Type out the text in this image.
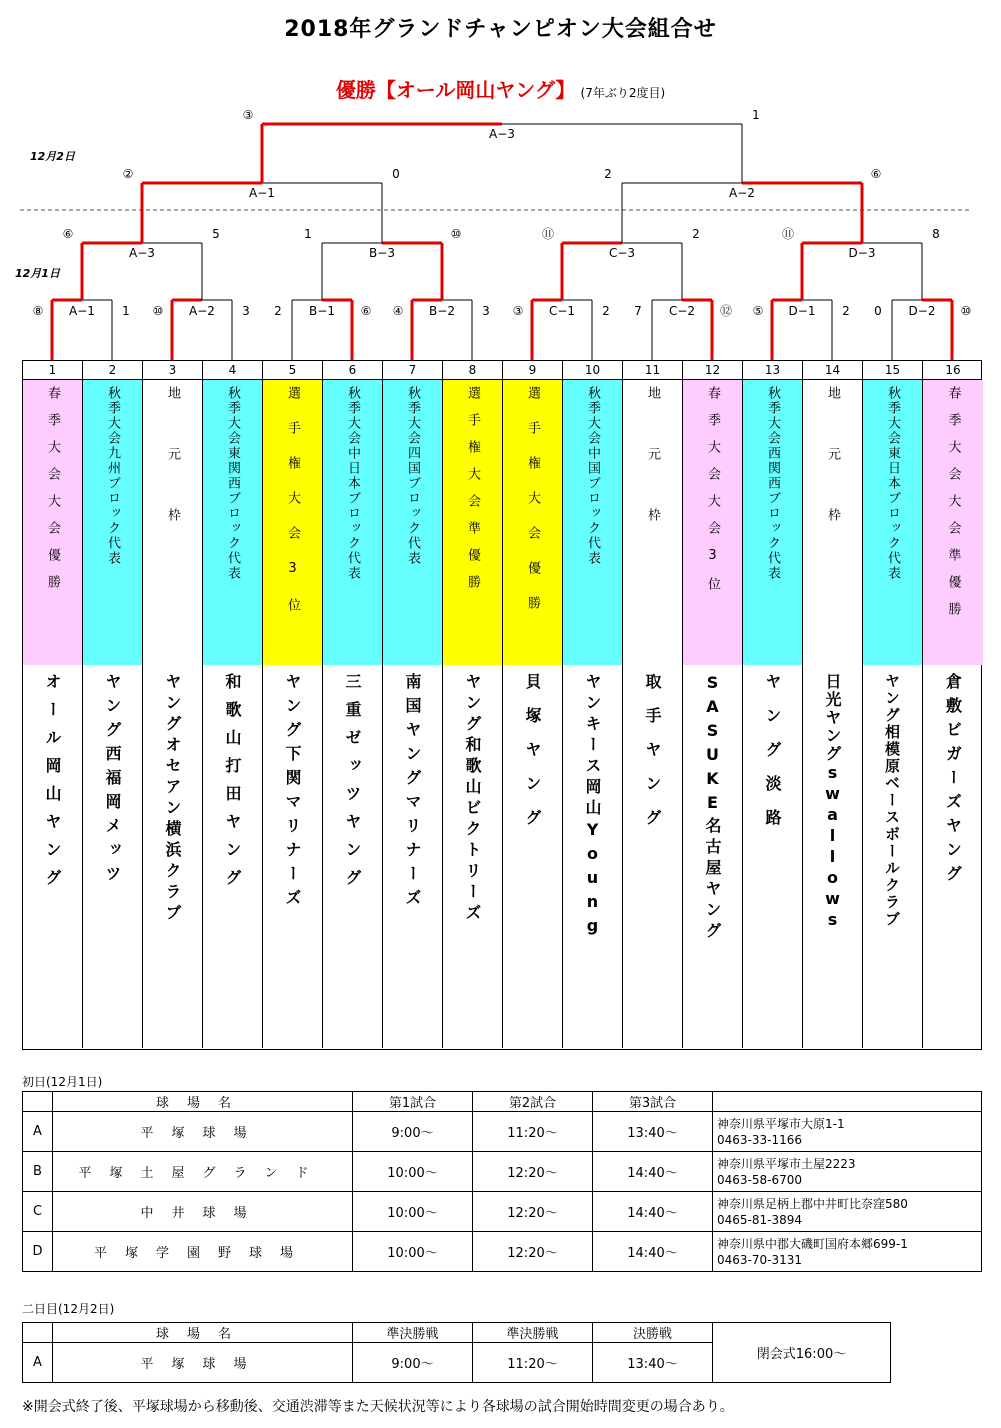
2018年グランドチャンピオン大会組合せ
優勝【オール岡山ヤング】 (7年ぶり2度目)
12月2日
12月1日
A−1
⑧	1	A−2
⑩	3	B−1
2	⑥	B−2
④	3	C−1
③	2	C−2
7	⑫	D−1
⑤	2	D−2
0	⑩
A−3
⑥	5
B−3
1	⑩
C−3
⑪	2
D−3
⑪	8
A−1
②	0
A−2
2	⑥
A−3
③	1
1	2	3	4	5	6	7	8	9	10	11	12	13	14	15	16
春季大会大会優勝	秋季大会九州ブロック代表	地元枠	秋季大会東関西ブロック代表	選手権大会3位	秋季大会中日本ブロック代表	秋季大会四国ブロック代表	選手権大会準優勝	選手権大会優勝	秋季大会中国ブロック代表	地元枠	春季大会大会3位	秋季大会西関西ブロック代表	地元枠	秋季大会東日本ブロック代表	春季大会大会準優勝
オール岡山ヤング	ヤング西福岡メッツ	ヤングオセアン横浜クラブ	和歌山打田ヤング	ヤング下関マリナーズ	三重ゼッツヤング	南国ヤングマリナーズ	ヤング和歌山ビクトリーズ	貝塚ヤング	ヤンキース岡山Young	取手ヤング	SASUKE名古屋ヤング	ヤング淡路	日光ヤングswallows	ヤング相模原ベースボールクラブ	倉敷ビガーズヤング
初日(12月1日)
	球場名	第1試合	第2試合	第3試合	
A	平塚球場	9:00〜	11:20〜	13:40〜	神奈川県平塚市大原1-1
0463-33-1166

B	平塚土屋グランド	10:00〜	12:20〜	14:40〜	神奈川県平塚市土屋2223
0463-58-6700

C	中井球場	10:00〜	12:20〜	14:40〜	神奈川県足柄上郡中井町比奈窪580
0465-81-3894

D	平塚学園野球場	10:00〜	12:20〜	14:40〜	神奈川県中郡大磯町国府本郷699-1
0463-70-3131
二日目(12月2日)
	球場名	準決勝戦	準決勝戦	決勝戦	閉会式16:00〜
A	平塚球場	9:00〜	11:20〜	13:40〜	
※開会式終了後、平塚球場から移動後、交通渋滞等また天候状況等により各球場の試合開始時間変更の場合あり。
